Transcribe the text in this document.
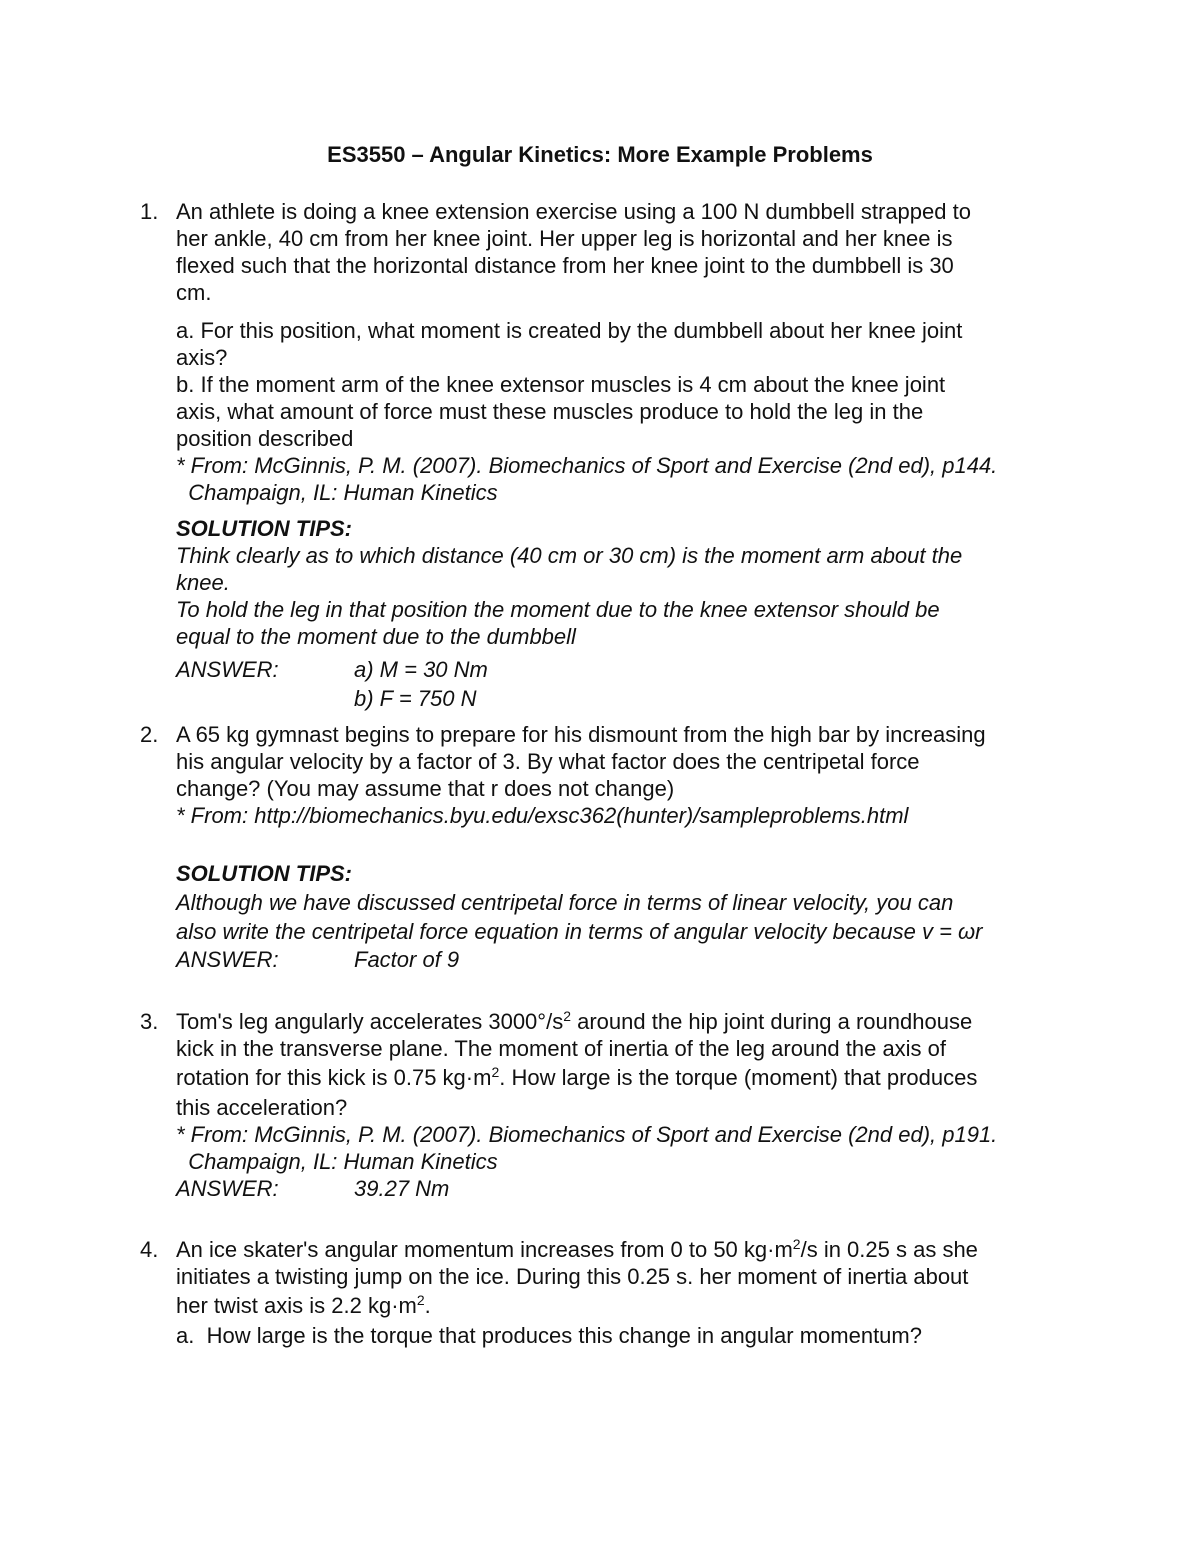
ES3550 – Angular Kinetics: More Example Problems
1. An athlete is doing a knee extension exercise using a 100 N dumbbell strapped to
her ankle, 40 cm from her knee joint. Her upper leg is horizontal and her knee is
flexed such that the horizontal distance from her knee joint to the dumbbell is 30
cm.
a. For this position, what moment is created by the dumbbell about her knee joint
axis?
b. If the moment arm of the knee extensor muscles is 4 cm about the knee joint
axis, what amount of force must these muscles produce to hold the leg in the
position described
* From: McGinnis, P. M. (2007). Biomechanics of Sport and Exercise (2nd ed), p144.
Champaign, IL: Human Kinetics
SOLUTION TIPS:
Think clearly as to which distance (40 cm or 30 cm) is the moment arm about the
knee.
To hold the leg in that position the moment due to the knee extensor should be
equal to the moment due to the dumbbell
ANSWER:	a) M = 30 Nm
b) F = 750 N
2. A 65 kg gymnast begins to prepare for his dismount from the high bar by increasing
his angular velocity by a factor of 3. By what factor does the centripetal force
change? (You may assume that r does not change)
* From: http://biomechanics.byu.edu/exsc362(hunter)/sampleproblems.html
SOLUTION TIPS:
Although we have discussed centripetal force in terms of linear velocity, you can
also write the centripetal force equation in terms of angular velocity because v = ωr
ANSWER:	Factor of 9
3. Tom's leg angularly accelerates $3000^\circ/s^2$ around the hip joint during a roundhouse
kick in the transverse plane. The moment of inertia of the leg around the axis of
rotation for this kick is 0.75 $kg\cdot m^2$. How large is the torque (moment) that produces
this acceleration?
* From: McGinnis, P. M. (2007). Biomechanics of Sport and Exercise (2nd ed), p191.
Champaign, IL: Human Kinetics
ANSWER:	39.27 Nm
4. An ice skater's angular momentum increases from 0 to 50 $kg\cdot m^2/s$ in 0.25 s as she
initiates a twisting jump on the ice. During this 0.25 s. her moment of inertia about
her twist axis is 2.2 $kg\cdot m^2$.
a.  How large is the torque that produces this change in angular momentum?
